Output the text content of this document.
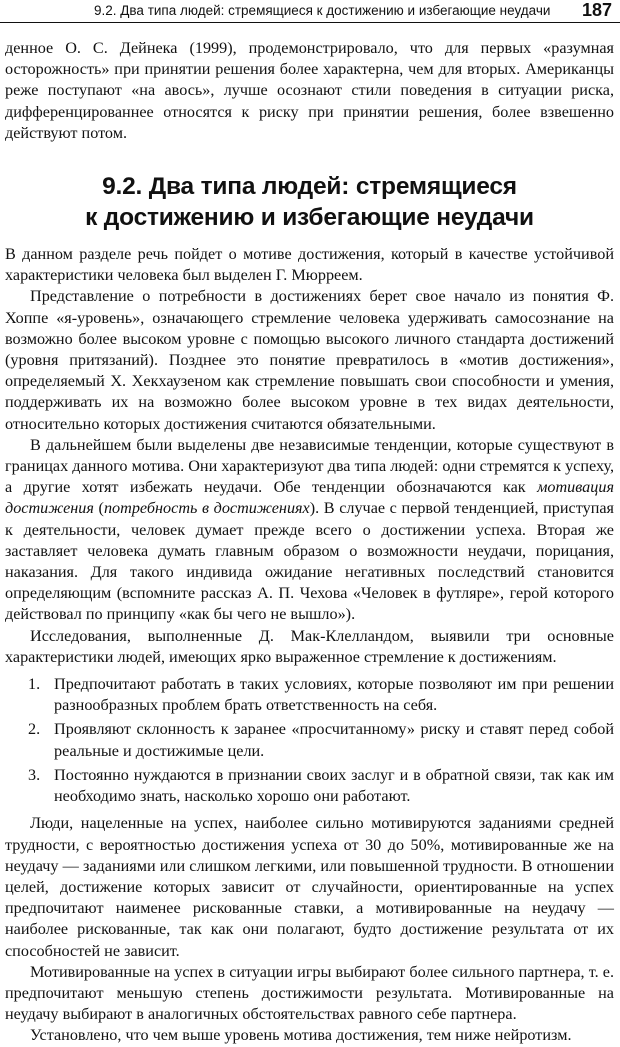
9.2. Два типа людей: стремящиеся к достижению и избегающие неудачи 187

денное О. С. Дейнека (1999), продемонстрировало, что для первых «разумная осторожность» при принятии решения более характерна, чем для вторых. Американцы реже поступают «на авось», лучше осознают стили поведения в ситуации риска, дифференцированнее относятся к риску при принятии решения, более взвешенно действуют потом.

9.2. Два типа людей: стремящиеся
к достижению и избегающие неудачи

В данном разделе речь пойдет о мотиве достижения, который в качестве устойчивой характеристики человека был выделен Г. Мюрреем.

Представление о потребности в достижениях берет свое начало из понятия Ф. Хоппе «я-уровень», означающего стремление человека удерживать самосознание на возможно более высоком уровне с помощью высокого личного стандарта достижений (уровня притязаний). Позднее это понятие превратилось в «мотив достижения», определяемый Х. Хекхаузеном как стремление повышать свои способности и умения, поддерживать их на возможно более высоком уровне в тех видах деятельности, относительно которых достижения считаются обязательными.

В дальнейшем были выделены две независимые тенденции, которые существуют в границах данного мотива. Они характеризуют два типа людей: одни стремятся к успеху, а другие хотят избежать неудачи. Обе тенденции обозначаются как мотивация достижения (потребность в достижениях). В случае с первой тенденцией, приступая к деятельности, человек думает прежде всего о достижении успеха. Вторая же заставляет человека думать главным образом о возможности неудачи, порицания, наказания. Для такого индивида ожидание негативных последствий становится определяющим (вспомните рассказ А. П. Чехова «Человек в футляре», герой которого действовал по принципу «как бы чего не вышло»).

Исследования, выполненные Д. Мак-Клелландом, выявили три основные характеристики людей, имеющих ярко выраженное стремление к достижениям.

1. Предпочитают работать в таких условиях, которые позволяют им при решении разнообразных проблем брать ответственность на себя.
2. Проявляют склонность к заранее «просчитанному» риску и ставят перед собой реальные и достижимые цели.
3. Постоянно нуждаются в признании своих заслуг и в обратной связи, так как им необходимо знать, насколько хорошо они работают.

Люди, нацеленные на успех, наиболее сильно мотивируются заданиями средней трудности, с вероятностью достижения успеха от 30 до 50%, мотивированные же на неудачу — заданиями или слишком легкими, или повышенной трудности. В отношении целей, достижение которых зависит от случайности, ориентированные на успех предпочитают наименее рискованные ставки, а мотивированные на неудачу — наиболее рискованные, так как они полагают, будто достижение результата от их способностей не зависит.

Мотивированные на успех в ситуации игры выбирают более сильного партнера, т. е. предпочитают меньшую степень достижимости результата. Мотивированные на неудачу выбирают в аналогичных обстоятельствах равного себе партнера.

Установлено, что чем выше уровень мотива достижения, тем ниже нейротизм.
